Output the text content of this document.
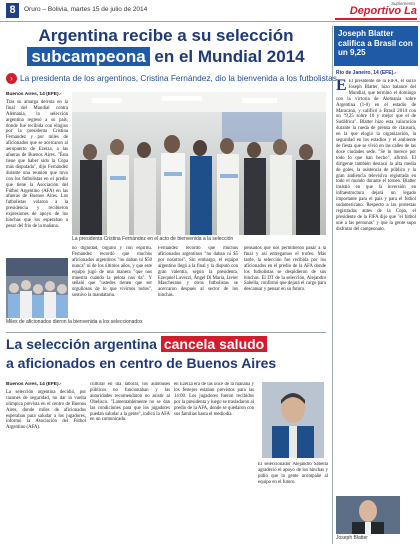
8	Oruro – Bolivia, martes 15 de julio de 2014
Suplemento
Deportivo La
Argentina recibe a su selección
subcampeona en el Mundial 2014
› La presidenta de los argentinos, Cristina Fernández, dio la bienvenida a los futbolistas
Buenos Aires, 14 (EFE).-
Tras su amarga derrota en la final del Mundial contra Alemania, la selección argentina regresó a su país, donde fue recibida con elogios por la presidenta Cristina Fernández y por miles de aficionados que se acercaron al aeropuerto de Ezeiza, a las afueras de Buenos Aires. "Ésta tiene que haber sido la Copa más disputada", dijo Fernández durante una reunión que tuvo con los futbolistas en el predio que tiene la Asociación del Fútbol Argentino (AFA) en las afueras de Buenos Aires. Los futbolistas volaron a la presidencia y recibieron expresiones de apoyo de los hinchas que los esperaban a pesar del frío de la mañana.
La presidenta Cristina Fernández en el acto de bienvenida a la selección
no dignidad, orgullo y con espíritu. Fernández recordó que muchos aficionados argentinos "no daban ni $50 nunca" ni de los últimos años, y que este equipo jugó de una manera "que nos muestra cuándo la pelota nos da". Y señaló que "ustedes tienen que ser orgullosos de lo que vivimos todos", sostuvo la mandataria.
Fernández recordó que muchos aficionados argentinos "no daban ni $5 por nosotros". Sin embargo, el equipo argentino llegó a la final y la disputó con gran valentía, según la presidenta. Ezequiel Lavezzi, Ángel Di María, Javier Mascherano y otros futbolistas se acercaron después al sector de los hinchas.
pensados que nos permitieron pasar a la final y así entregamos el trofeo. Más tarde, la selección fue recibida por los aficionados en el predio de la AFA donde los futbolistas se despidieron de sus hinchas. El DT de la selección, Alejandro Sabella, confirmó que dejará el cargo para descansar y pensar en su futuro.
Miles de aficionados dieron la bienvenida a los seleccionados
Joseph Blatter califica a Brasil con un 9,25
Río de Janeiro, 14 (EFE).-
E El presidente de la FIFA, el suizo Joseph Blatter, hizo balance del Mundial, que terminó el domingo con la victoria de Alemania sobre Argentina (1-0) en el estadio de Maracaná, y calificó a Brasil 2014 con un "9,25 sobre 10 y mejor que el de Sudáfrica". Blatter hizo esta valoración durante la rueda de prensa de clausura, en la que elogió la organización, la seguridad en los estadios y el ambiente de fiesta que se vivió en las calles de las doce ciudades sede. "Se lo merece por todo lo que han hecho", afirmó. El dirigente también destacó la alta media de goles, la asistencia de público y la gran audiencia televisiva registrada en todo el mundo durante el torneo. Blatter insistió en que la inversión en infraestructura dejará un legado importante para el país y para el fútbol sudamericano. Respecto a las protestas registradas antes de la Copa, el presidente de la FIFA dijo que "el fútbol une a las personas" y que la gente supo disfrutar del campeonato.
Joseph Blatter
La selección argentina cancela saludo
a aficionados en centro de Buenos Aires
Buenos Aires, 14 (EFE).-
La selección argentina decidió, por razones de seguridad, no dar la vuelta olímpica prevista en el centro de Buenos Aires, donde miles de aficionados esperaban para saludar a los jugadores, informó la Asociación del Fútbol Argentino (AFA).
cultural en día laboral, los autobuses públicos no funcionaban y las autoridades recomendaron no asistir al Obelisco. "Lamentablemente no se dan las condiciones para que los jugadores puedan saludar a la gente", indicó la AFA en un comunicado.
en Ezeiza era de las once de la mañana y los festejos estaban previstos para las 14:00. Los jugadores fueron recibidos por la presidenta y luego se trasladaron al predio de la AFA, donde se quedaron con sus familias hasta el mediodía.
El seleccionador Alejandro Sabella agradeció el apoyo de los hinchas y pidió que la gente acompañe al equipo en el futuro.
